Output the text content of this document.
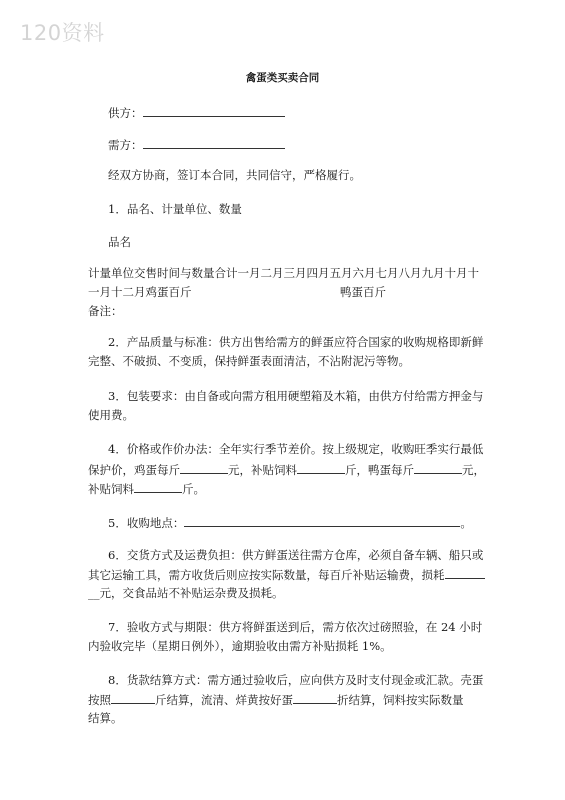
120资料
禽蛋类买卖合同
供方：
需方：
经双方协商，签订本合同，共同信守，严格履行。
1．品名、计量单位、数量
品名
计量单位交售时间与数量合计一月二月三月四月五月六月七月八月九月十月十
一月十二月鸡蛋百斤	鸭蛋百斤
备注：
2．产品质量与标准：供方出售给需方的鲜蛋应符合国家的收购规格即新鲜
完整、不破损、不变质，保持鲜蛋表面清洁，不沾附泥污等物。
3．包装要求：由自备或向需方租用硬塑箱及木箱，由供方付给需方押金与
使用费。
4．价格或作价办法：全年实行季节差价。按上级规定，收购旺季实行最低
保护价，鸡蛋每斤	元，补贴饲料	斤，鸭蛋每斤	元，
补贴饲料	斤。
5．收购地点：	。
6．交货方式及运费负担：供方鲜蛋送往需方仓库，必须自备车辆、船只或
其它运输工具，需方收货后则应按实际数量，每百斤补贴运输费，损耗
__元，交食品站不补贴运杂费及损耗。
7．验收方式与期限：供方将鲜蛋送到后，需方依次过磅照验，在 24 小时
内验收完毕（星期日例外），逾期验收由需方补贴损耗 1%。
8．货款结算方式：需方通过验收后，应向供方及时支付现金或汇款。壳蛋
按照	斤结算，流清、烊黄按好蛋	折结算，饲料按实际数量
结算。
